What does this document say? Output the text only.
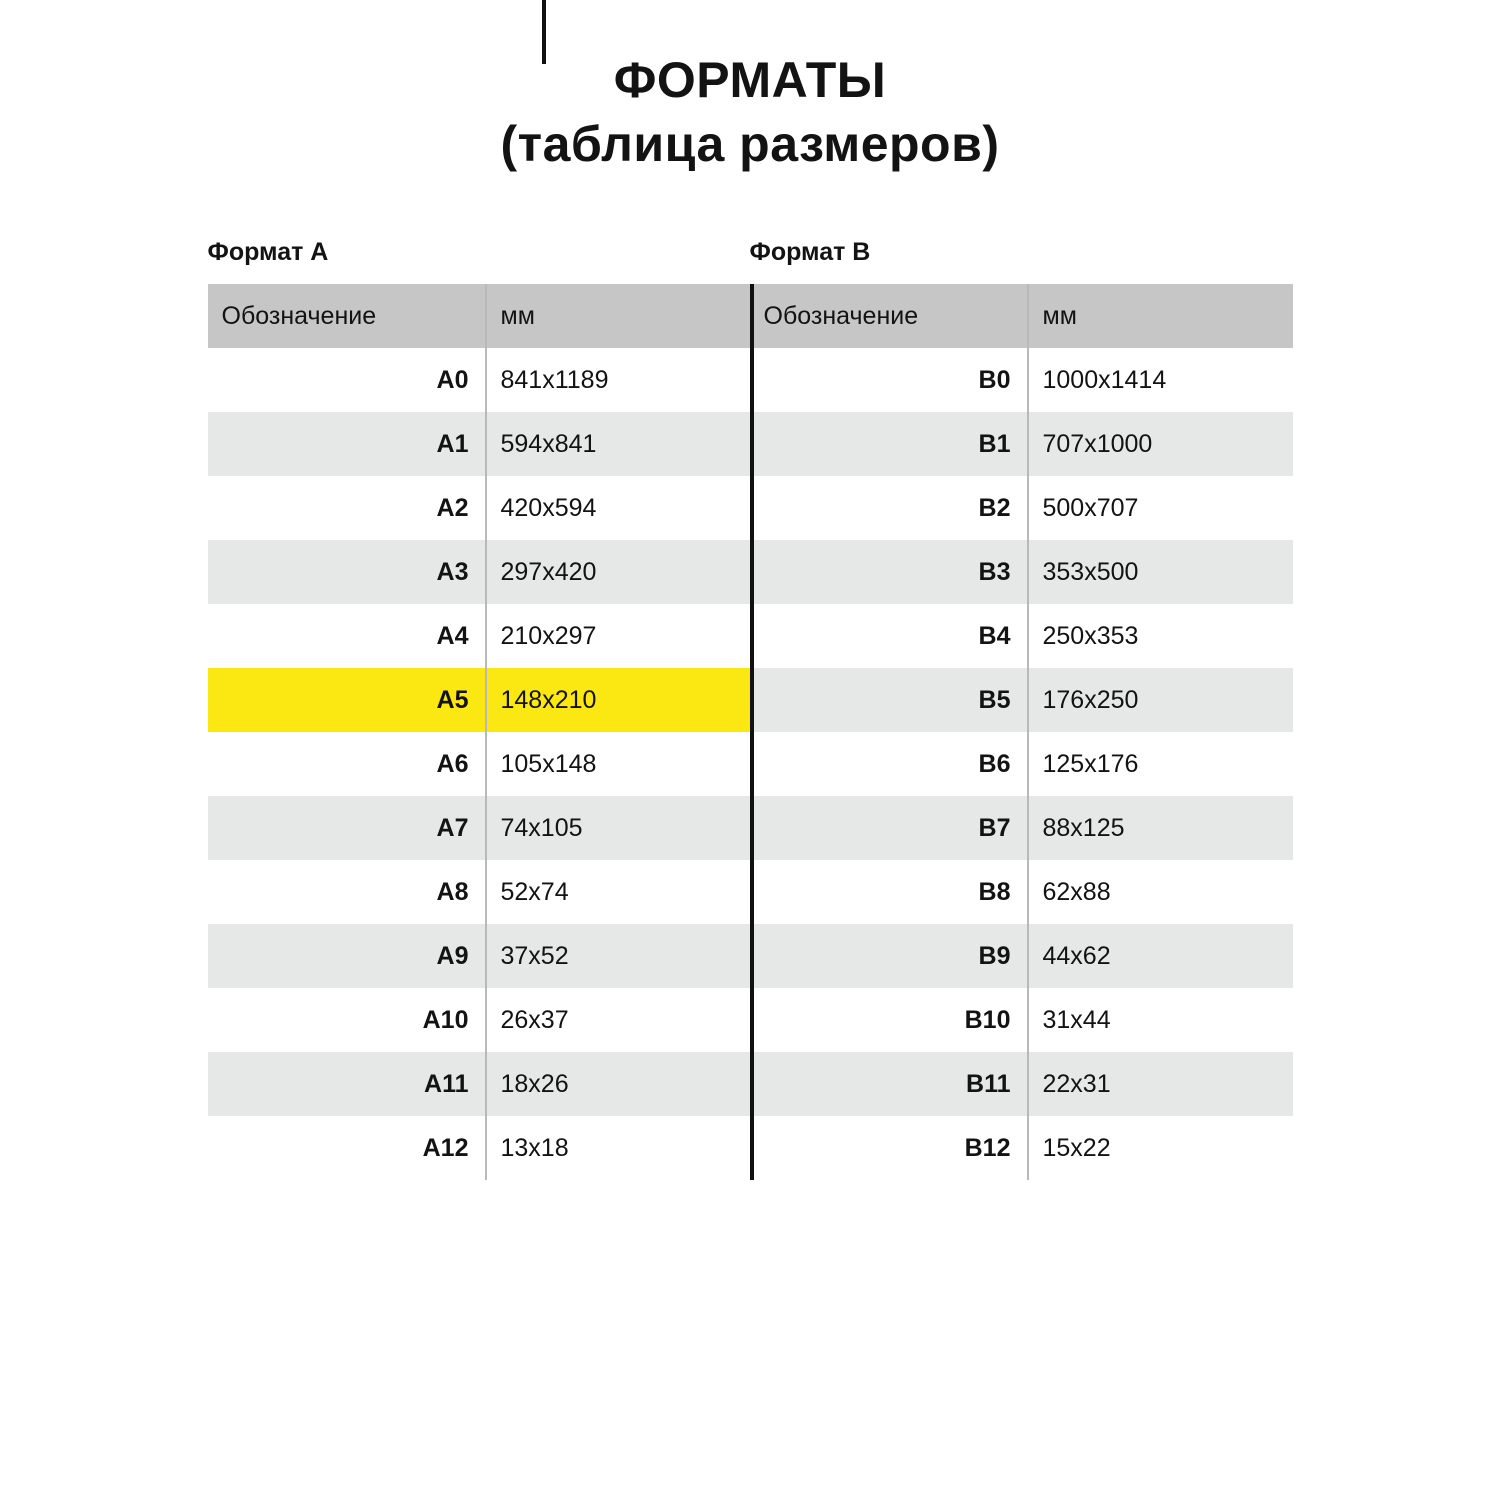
ФОРМАТЫ
(таблица размеров)
Формат А	Формат В
Обозначение	мм	Обозначение	мм
А0	841x1189	В0	1000x1414
А1	594x841	В1	707x1000
А2	420x594	В2	500x707
А3	297x420	В3	353x500
А4	210x297	В4	250x353
А5	148x210	В5	176x250
А6	105x148	В6	125x176
А7	74x105	В7	88x125
А8	52x74	В8	62x88
А9	37x52	В9	44x62
А10	26x37	В10	31x44
А11	18x26	В11	22x31
А12	13x18	В12	15x22
